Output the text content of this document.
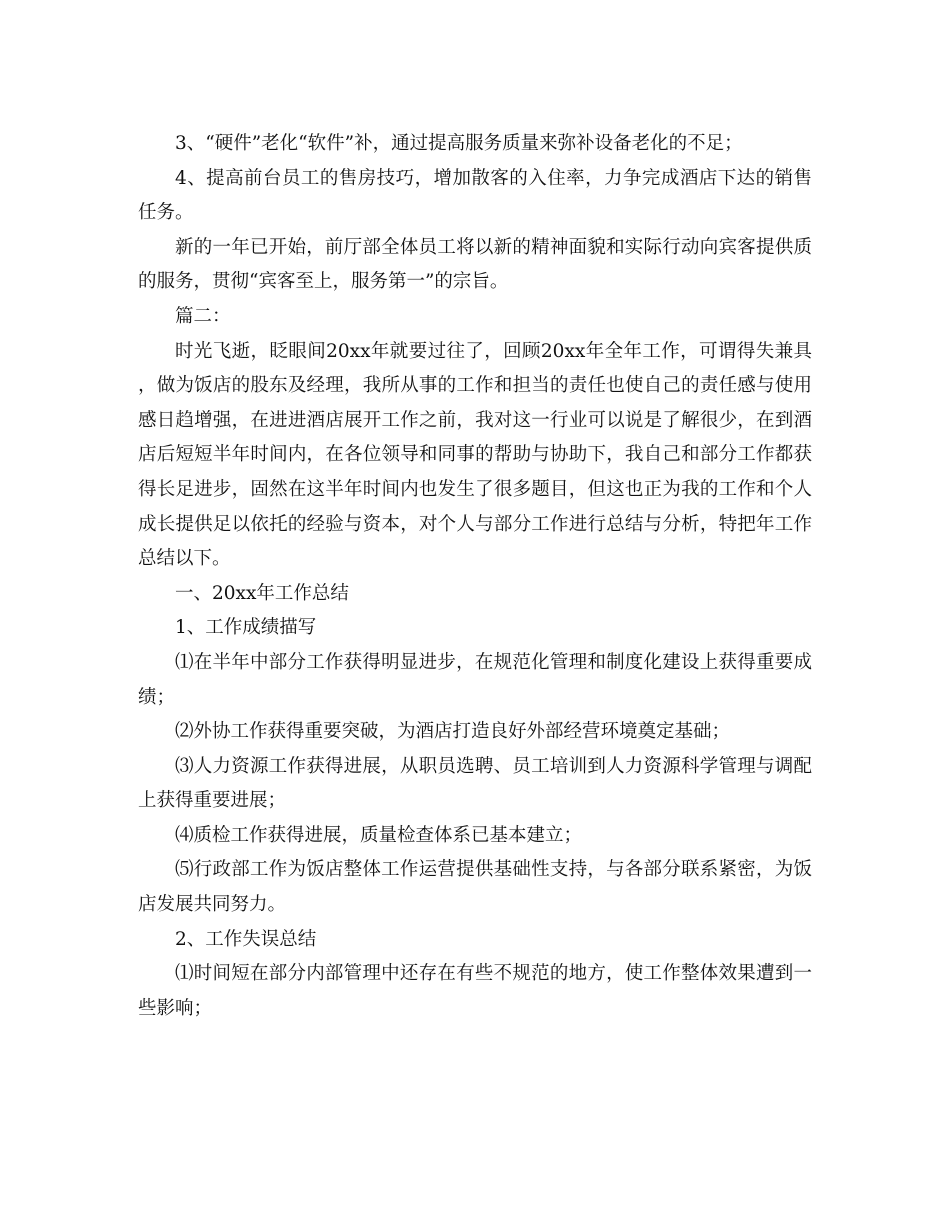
3、“硬件”老化“软件”补，通过提高服务质量来弥补设备老化的不足；

4、提高前台员工的售房技巧，增加散客的入住率，力争完成酒店下达的销售任务。

新的一年已开始，前厅部全体员工将以新的精神面貌和实际行动向宾客提供质的服务，贯彻“宾客至上，服务第一”的宗旨。

篇二：

时光飞逝，眨眼间20xx年就要过往了，回顾20xx年全年工作，可谓得失兼具，做为饭店的股东及经理，我所从事的工作和担当的责任也使自己的责任感与使用感日趋增强，在进进酒店展开工作之前，我对这一行业可以说是了解很少，在到酒店后短短半年时间内，在各位领导和同事的帮助与协助下，我自己和部分工作都获得长足进步，固然在这半年时间内也发生了很多题目，但这也正为我的工作和个人成长提供足以依托的经验与资本，对个人与部分工作进行总结与分析，特把年工作总结以下。

一、20xx年工作总结

1、工作成绩描写

⑴在半年中部分工作获得明显进步，在规范化管理和制度化建设上获得重要成绩；

⑵外协工作获得重要突破，为酒店打造良好外部经营环境奠定基础；

⑶人力资源工作获得进展，从职员选聘、员工培训到人力资源科学管理与调配上获得重要进展；

⑷质检工作获得进展，质量检查体系已基本建立；

⑸行政部工作为饭店整体工作运营提供基础性支持，与各部分联系紧密，为饭店发展共同努力。

2、工作失误总结

⑴时间短在部分内部管理中还存在有些不规范的地方，使工作整体效果遭到一些影响；
